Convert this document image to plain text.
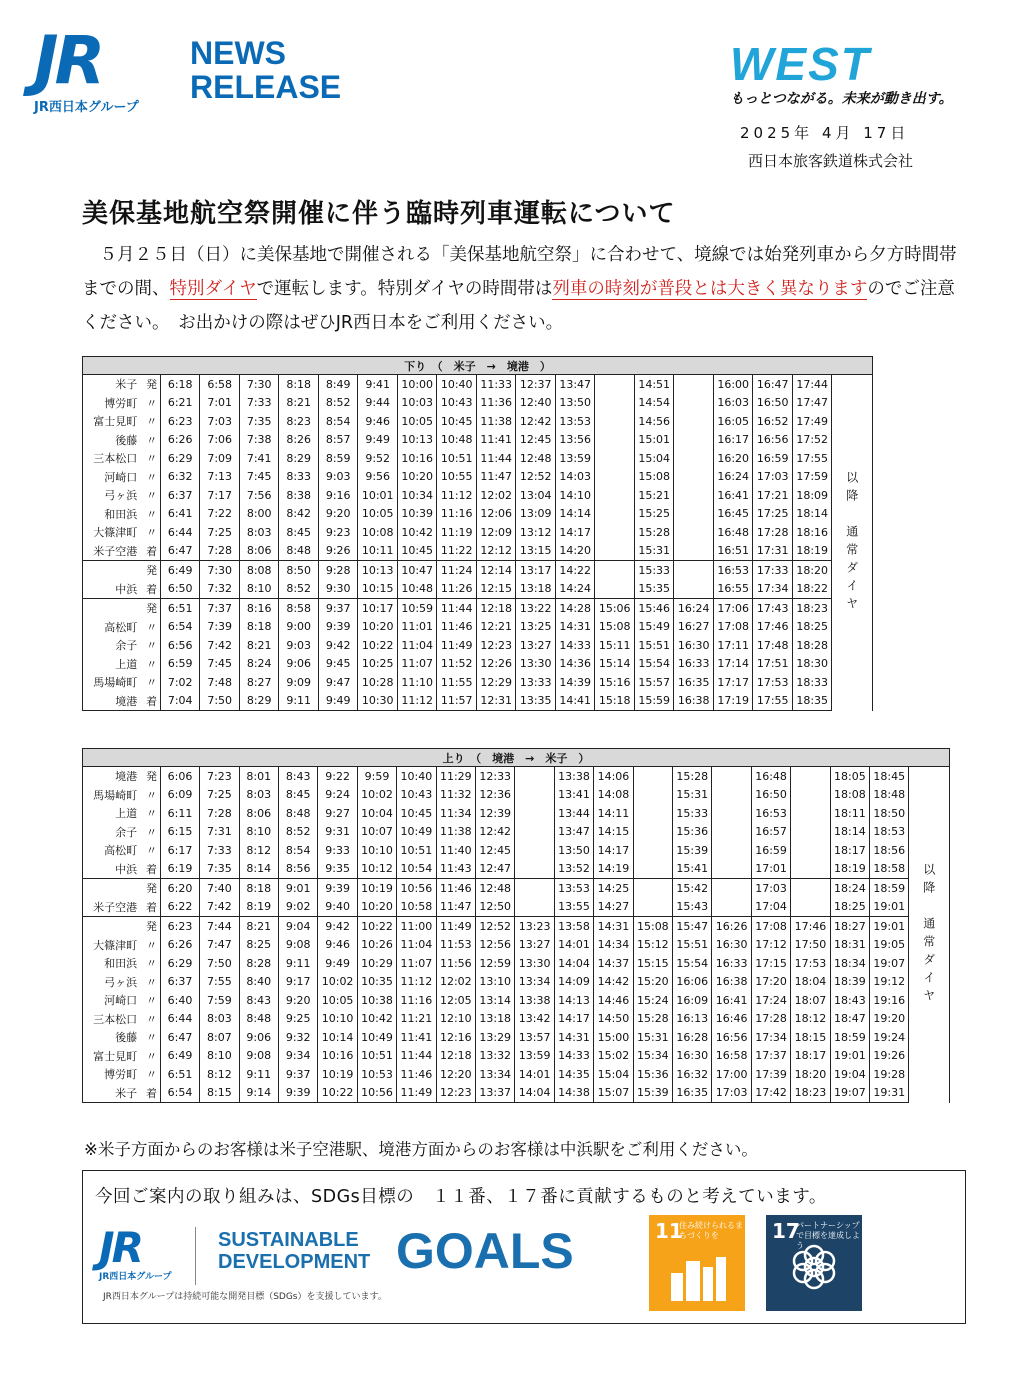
JR
JR西日本グループ
NEWS
RELEASE	WEST
もっとつながる。未来が動き出す。
2025年 4月 17日
西日本旅客鉄道株式会社
美保基地航空祭開催に伴う臨時列車運転について

　５月２５日（日）に美保基地で開催される「美保基地航空祭」に合わせて、境線では始発列車から夕方時間帯までの間、特別ダイヤで運転します。特別ダイヤの時間帯は列車の時刻が普段とは大きく異なりますのでご注意ください。　お出かけの際はぜひJR西日本をご利用ください。

下り　（　米子　→　境港　）																			
米子	発	6:18	6:58	7:30	8:18	8:49	9:41	10:00	10:40	11:33	12:37	13:47		14:51		16:00	16:47	17:44	以降　通常ダイヤ
博労町	〃	6:21	7:01	7:33	8:21	8:52	9:44	10:03	10:43	11:36	12:40	13:50		14:54		16:03	16:50	17:47	
富士見町	〃	6:23	7:03	7:35	8:23	8:54	9:46	10:05	10:45	11:38	12:42	13:53		14:56		16:05	16:52	17:49	
後藤	〃	6:26	7:06	7:38	8:26	8:57	9:49	10:13	10:48	11:41	12:45	13:56		15:01		16:17	16:56	17:52	
三本松口	〃	6:29	7:09	7:41	8:29	8:59	9:52	10:16	10:51	11:44	12:48	13:59		15:04		16:20	16:59	17:55	
河崎口	〃	6:32	7:13	7:45	8:33	9:03	9:56	10:20	10:55	11:47	12:52	14:03		15:08		16:24	17:03	17:59	
弓ヶ浜	〃	6:37	7:17	7:56	8:38	9:16	10:01	10:34	11:12	12:02	13:04	14:10		15:21		16:41	17:21	18:09	
和田浜	〃	6:41	7:22	8:00	8:42	9:20	10:05	10:39	11:16	12:06	13:09	14:14		15:25		16:45	17:25	18:14	
大篠津町	〃	6:44	7:25	8:03	8:45	9:23	10:08	10:42	11:19	12:09	13:12	14:17		15:28		16:48	17:28	18:16	
米子空港	着	6:47	7:28	8:06	8:48	9:26	10:11	10:45	11:22	12:12	13:15	14:20		15:31		16:51	17:31	18:19	
	発	6:49	7:30	8:08	8:50	9:28	10:13	10:47	11:24	12:14	13:17	14:22		15:33		16:53	17:33	18:20	
中浜	着	6:50	7:32	8:10	8:52	9:30	10:15	10:48	11:26	12:15	13:18	14:24		15:35		16:55	17:34	18:22	
	発	6:51	7:37	8:16	8:58	9:37	10:17	10:59	11:44	12:18	13:22	14:28	15:06	15:46	16:24	17:06	17:43	18:23	
高松町	〃	6:54	7:39	8:18	9:00	9:39	10:20	11:01	11:46	12:21	13:25	14:31	15:08	15:49	16:27	17:08	17:46	18:25	
余子	〃	6:56	7:42	8:21	9:03	9:42	10:22	11:04	11:49	12:23	13:27	14:33	15:11	15:51	16:30	17:11	17:48	18:28	
上道	〃	6:59	7:45	8:24	9:06	9:45	10:25	11:07	11:52	12:26	13:30	14:36	15:14	15:54	16:33	17:14	17:51	18:30	
馬場崎町	〃	7:02	7:48	8:27	9:09	9:47	10:28	11:10	11:55	12:29	13:33	14:39	15:16	15:57	16:35	17:17	17:53	18:33	
境港	着	7:04	7:50	8:29	9:11	9:49	10:30	11:12	11:57	12:31	13:35	14:41	15:18	15:59	16:38	17:19	17:55	18:35	
上り　（　境港　→　米子　）																					
境港	発	6:06	7:23	8:01	8:43	9:22	9:59	10:40	11:29	12:33		13:38	14:06		15:28		16:48		18:05	18:45	以降　通常ダイヤ
馬場崎町	〃	6:09	7:25	8:03	8:45	9:24	10:02	10:43	11:32	12:36		13:41	14:08		15:31		16:50		18:08	18:48	
上道	〃	6:11	7:28	8:06	8:48	9:27	10:04	10:45	11:34	12:39		13:44	14:11		15:33		16:53		18:11	18:50	
余子	〃	6:15	7:31	8:10	8:52	9:31	10:07	10:49	11:38	12:42		13:47	14:15		15:36		16:57		18:14	18:53	
高松町	〃	6:17	7:33	8:12	8:54	9:33	10:10	10:51	11:40	12:45		13:50	14:17		15:39		16:59		18:17	18:56	
中浜	着	6:19	7:35	8:14	8:56	9:35	10:12	10:54	11:43	12:47		13:52	14:19		15:41		17:01		18:19	18:58	
	発	6:20	7:40	8:18	9:01	9:39	10:19	10:56	11:46	12:48		13:53	14:25		15:42		17:03		18:24	18:59	
米子空港	着	6:22	7:42	8:19	9:02	9:40	10:20	10:58	11:47	12:50		13:55	14:27		15:43		17:04		18:25	19:01	
	発	6:23	7:44	8:21	9:04	9:42	10:22	11:00	11:49	12:52	13:23	13:58	14:31	15:08	15:47	16:26	17:08	17:46	18:27	19:01	
大篠津町	〃	6:26	7:47	8:25	9:08	9:46	10:26	11:04	11:53	12:56	13:27	14:01	14:34	15:12	15:51	16:30	17:12	17:50	18:31	19:05	
和田浜	〃	6:29	7:50	8:28	9:11	9:49	10:29	11:07	11:56	12:59	13:30	14:04	14:37	15:15	15:54	16:33	17:15	17:53	18:34	19:07	
弓ヶ浜	〃	6:37	7:55	8:40	9:17	10:02	10:35	11:12	12:02	13:10	13:34	14:09	14:42	15:20	16:06	16:38	17:20	18:04	18:39	19:12	
河崎口	〃	6:40	7:59	8:43	9:20	10:05	10:38	11:16	12:05	13:14	13:38	14:13	14:46	15:24	16:09	16:41	17:24	18:07	18:43	19:16	
三本松口	〃	6:44	8:03	8:48	9:25	10:10	10:42	11:21	12:10	13:18	13:42	14:17	14:50	15:28	16:13	16:46	17:28	18:12	18:47	19:20	
後藤	〃	6:47	8:07	9:06	9:32	10:14	10:49	11:41	12:16	13:29	13:57	14:31	15:00	15:31	16:28	16:56	17:34	18:15	18:59	19:24	
富士見町	〃	6:49	8:10	9:08	9:34	10:16	10:51	11:44	12:18	13:32	13:59	14:33	15:02	15:34	16:30	16:58	17:37	18:17	19:01	19:26	
博労町	〃	6:51	8:12	9:11	9:37	10:19	10:53	11:46	12:20	13:34	14:01	14:35	15:04	15:36	16:32	17:00	17:39	18:20	19:04	19:28	
米子	着	6:54	8:15	9:14	9:39	10:22	10:56	11:49	12:23	13:37	14:04	14:38	15:07	15:39	16:35	17:03	17:42	18:23	19:07	19:31	
※米子方面からのお客様は米子空港駅、境港方面からのお客様は中浜駅をご利用ください。
今回ご案内の取り組みは、SDGs目標の　１１番、１７番に貢献するものと考えています。
JR
JR西日本グループ
SUSTAINABLE
DEVELOPMENT GOALS
JR西日本グループは持続可能な開発目標（SDGs）を支援しています。
11
住み続けられるまちづくりを	17
パートナーシップで目標を達成しよう
